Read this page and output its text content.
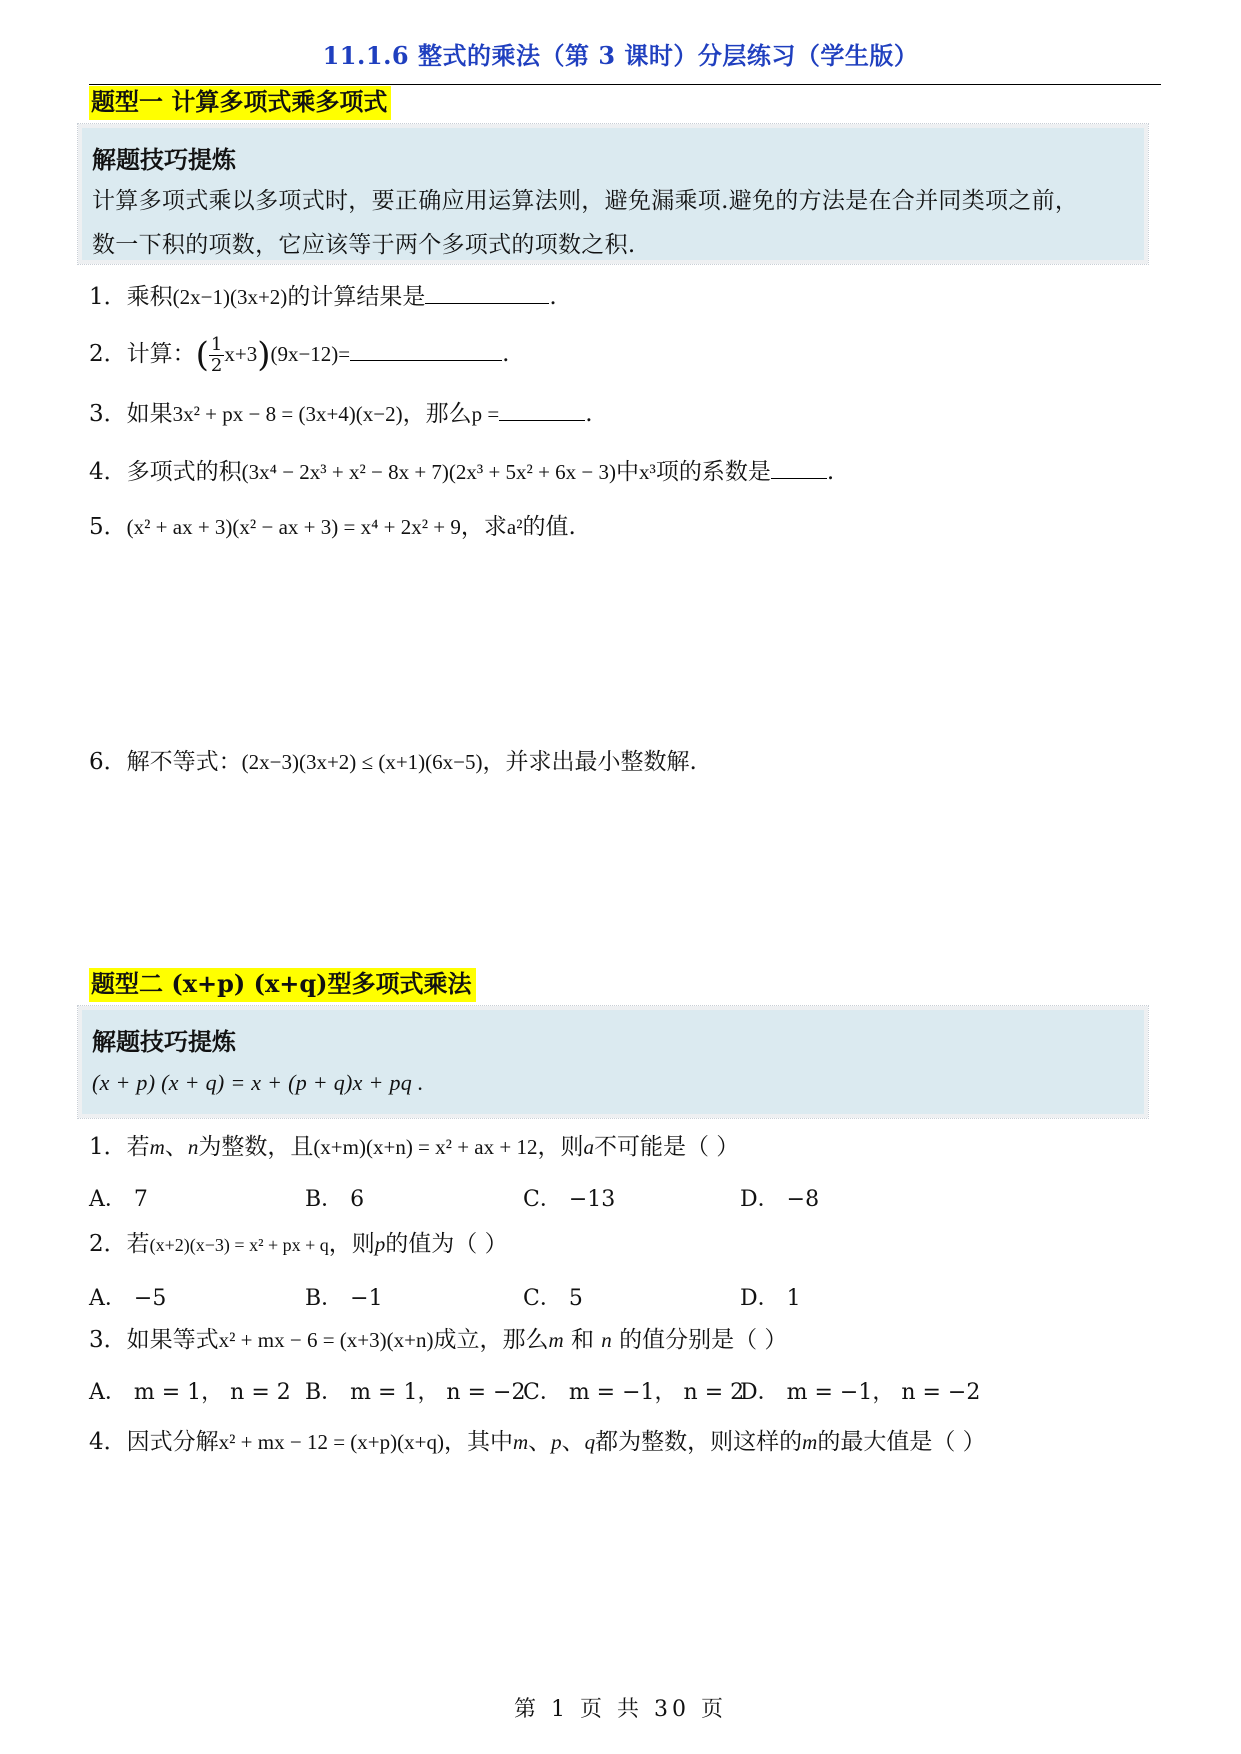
11.1.6 整式的乘法（第 3 课时）分层练习（学生版）
题型一 计算多项式乘多项式
解题技巧提炼
计算多项式乘以多项式时，要正确应用运算法则，避免漏乘项.避免的方法是在合并同类项之前，
数一下积的项数，它应该等于两个多项式的项数之积.
1．乘积(2x−1)(3x+2)的计算结果是	.
2．计算：( $\frac{1}{2} x+3)(9x-12)=$	.
3．如果3x² + px − 8 = (3x+4)(x−2)，那么p =	.
4．多项式的积(3x⁴ − 2x³ + x² − 8x + 7)(2x³ + 5x² + 6x − 3)中x³项的系数是 .
5．(x² + ax + 3)(x² − ax + 3) = x⁴ + 2x² + 9，求a²的值.
6．解不等式：(2x−3)(3x+2) ≤ (x+1)(6x−5)，并求出最小整数解.
题型二 (x+p) (x+q)型多项式乘法
解题技巧提炼
(x + p) (x + q) = x + (p + q)x + pq .
1．若m、n为整数，且(x+m)(x+n) = x² + ax + 12，则a不可能是（ ）
A． 7	B． 6	C． −13	D． −8
2．若(x+2)(x−3) = x² + px + q，则p的值为（ ）
A． −5	B． −1	C． 5	D． 1
3．如果等式x² + mx − 6 = (x+3)(x+n)成立，那么m 和 n 的值分别是（ ）
A． m = 1， n = 2 B． m = 1， n = −2
C． m = −1， n = 2
D． m = −1， n = −2
4．因式分解x² + mx − 12 = (x+p)(x+q)，其中m、p、q都为整数，则这样的m的最大值是（ ）
第 1 页 共 30 页
